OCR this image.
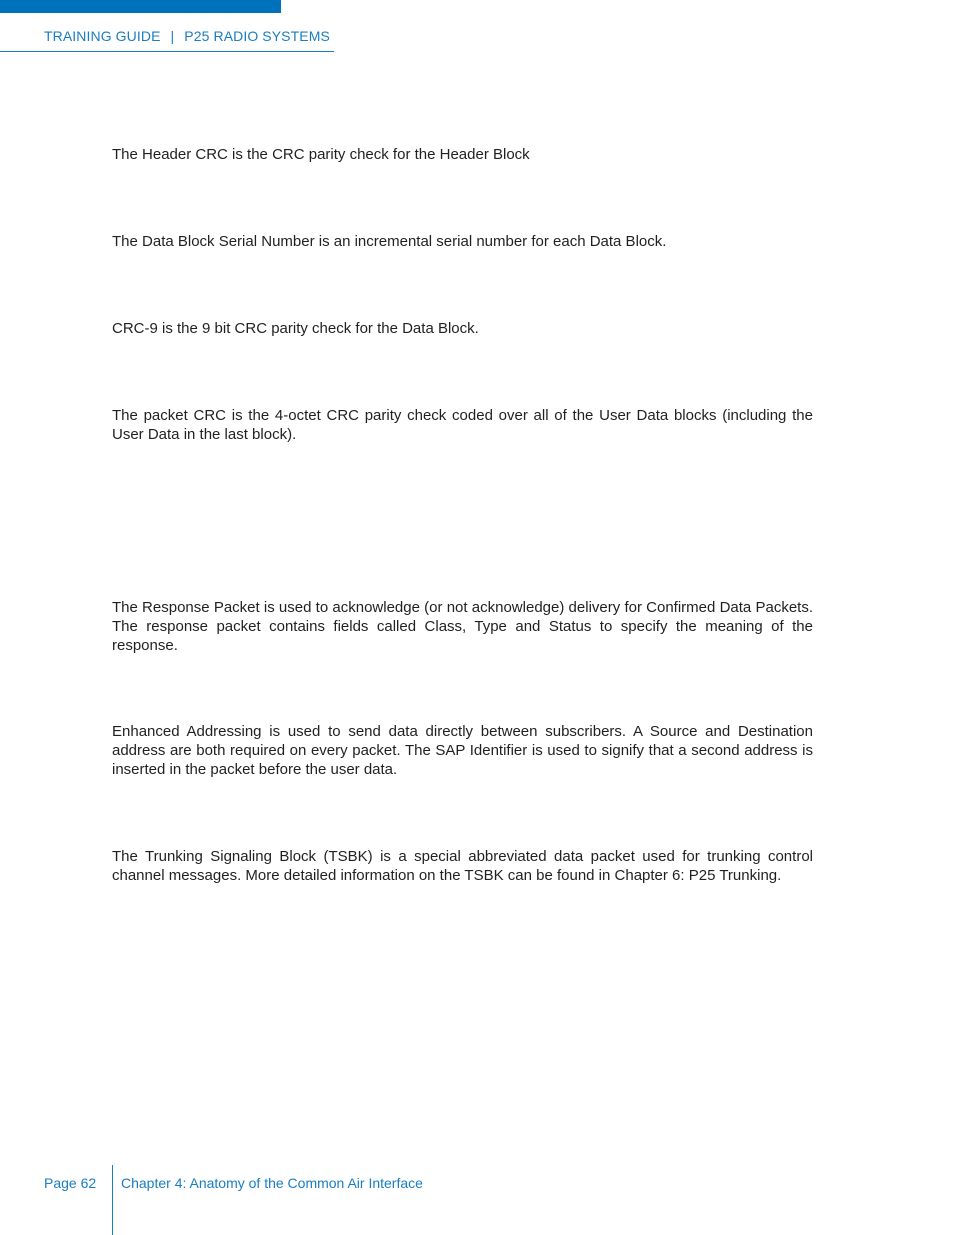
TRAINING GUIDE | P25 RADIO SYSTEMS

The Header CRC is the CRC parity check for the Header Block

The Data Block Serial Number is an incremental serial number for each Data Block.

CRC-9 is the 9 bit CRC parity check for the Data Block.

The packet CRC is the 4-octet CRC parity check coded over all of the User Data blocks (including the User Data in the last block).

The Response Packet is used to acknowledge (or not acknowledge) delivery for Confirmed Data Packets. The response packet contains fields called Class, Type and Status to specify the meaning of the response.

Enhanced Addressing is used to send data directly between subscribers. A Source and Destination address are both required on every packet. The SAP Identifier is used to signify that a second address is inserted in the packet before the user data.

The Trunking Signaling Block (TSBK) is a special abbreviated data packet used for trunking control channel messages. More detailed information on the TSBK can be found in Chapter 6: P25 Trunking.

Page 62 Chapter 4: Anatomy of the Common Air Interface
